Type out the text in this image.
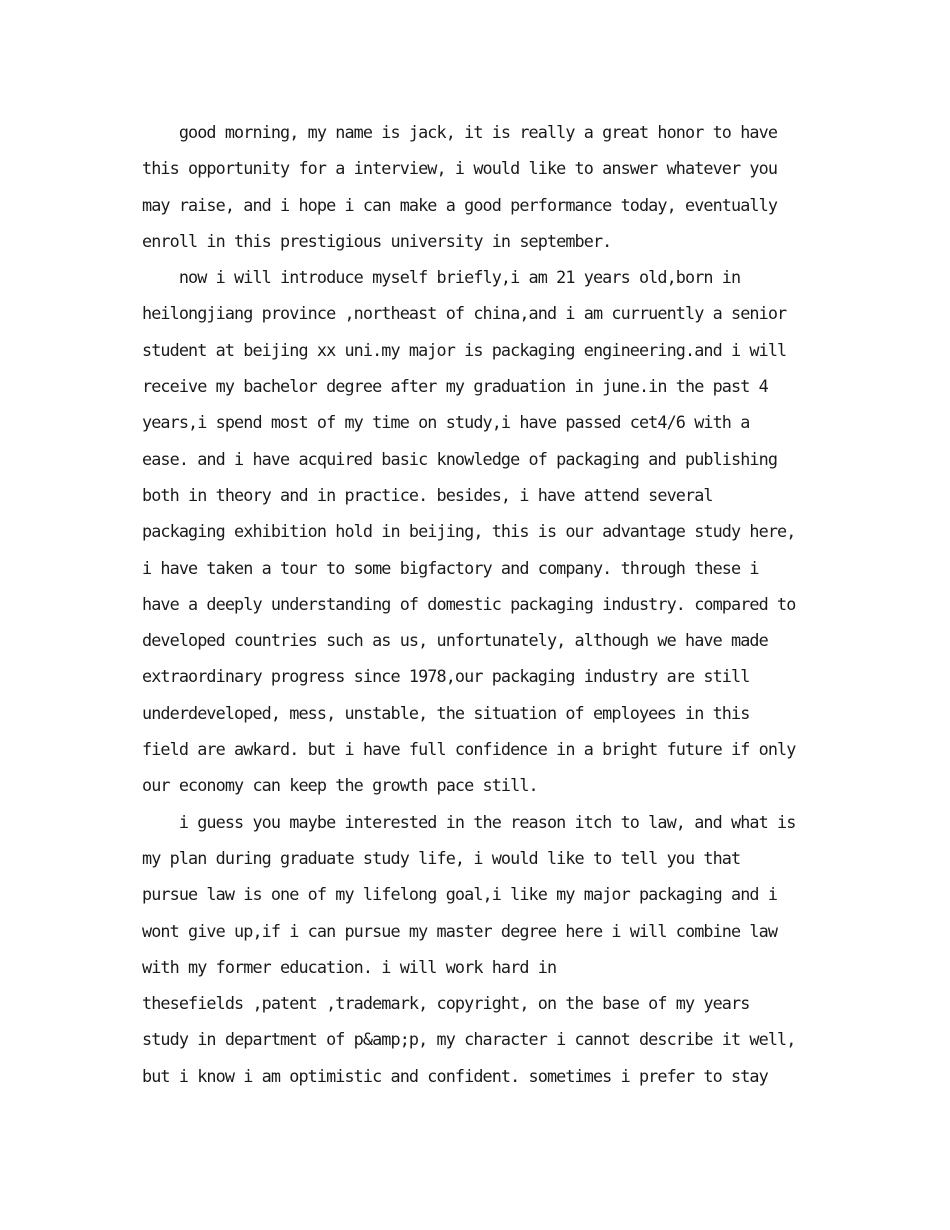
good morning, my name is jack, it is really a great honor to have
this opportunity for a interview, i would like to answer whatever you
may raise, and i hope i can make a good performance today, eventually
enroll in this prestigious university in september.
now i will introduce myself briefly,i am 21 years old,born in
heilongjiang province ,northeast of china,and i am curruently a senior
student at beijing xx uni.my major is packaging engineering.and i will
receive my bachelor degree after my graduation in june.in the past 4
years,i spend most of my time on study,i have passed cet4/6 with a
ease. and i have acquired basic knowledge of packaging and publishing
both in theory and in practice. besides, i have attend several
packaging exhibition hold in beijing, this is our advantage study here,
i have taken a tour to some bigfactory and company. through these i
have a deeply understanding of domestic packaging industry. compared to
developed countries such as us, unfortunately, although we have made
extraordinary progress since 1978,our packaging industry are still
underdeveloped, mess, unstable, the situation of employees in this
field are awkard. but i have full confidence in a bright future if only
our economy can keep the growth pace still.
i guess you maybe interested in the reason itch to law, and what is
my plan during graduate study life, i would like to tell you that
pursue law is one of my lifelong goal,i like my major packaging and i
wont give up,if i can pursue my master degree here i will combine law
with my former education. i will work hard in
thesefields ,patent ,trademark, copyright, on the base of my years
study in department of p&amp;p, my character i cannot describe it well,
but i know i am optimistic and confident. sometimes i prefer to stay
